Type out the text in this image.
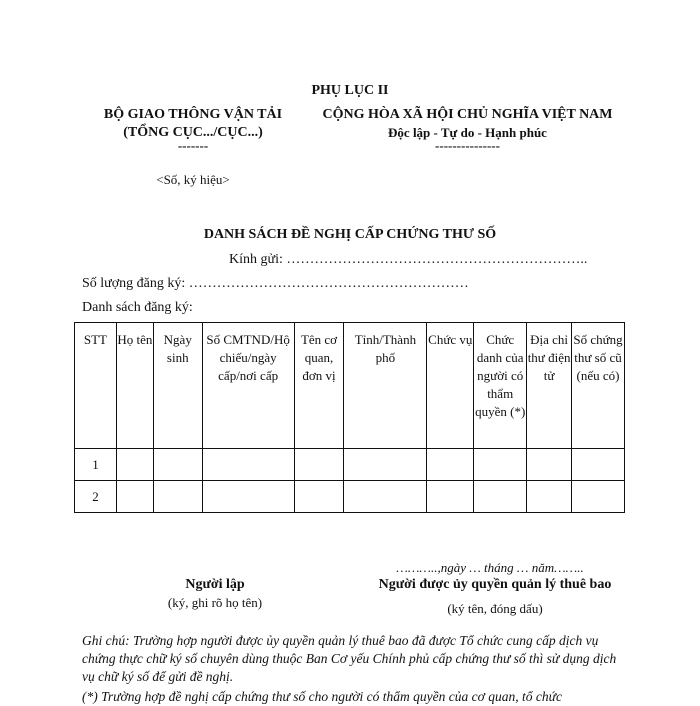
PHỤ LỤC II
BỘ GIAO THÔNG VẬN TẢI
(TỔNG CỤC.../CỤC...)
-------
<Số, ký hiệu>
CỘNG HÒA XÃ HỘI CHỦ NGHĨA VIỆT NAM
Độc lập - Tự do - Hạnh phúc
---------------
DANH SÁCH ĐỀ NGHỊ CẤP CHỨNG THƯ SỐ
Kính gửi: ………………………………………………………..
Số lượng đăng ký: ……………………………………………………
Danh sách đăng ký:
STT	Họ tên	Ngày sinh	Số CMTND/Hộ chiếu/ngày cấp/nơi cấp	Tên cơ quan, đơn vị	Tỉnh/Thành phố	Chức vụ	Chức danh của người có thẩm quyền (*)	Địa chỉ thư điện tử	Số chứng thư số cũ (nếu có)
1									
2									
………..,ngày … tháng … năm……..
Người lập
(ký, ghi rõ họ tên)
Người được ủy quyền quản lý thuê bao
(ký tên, đóng dấu)
Ghi chú: Trường hợp người được ủy quyền quản lý thuê bao đã được Tổ chức cung cấp dịch vụ chứng thực chữ ký số chuyên dùng thuộc Ban Cơ yếu Chính phủ cấp chứng thư số thì sử dụng dịch vụ chữ ký số để gửi đề nghị.
(*) Trường hợp đề nghị cấp chứng thư số cho người có thẩm quyền của cơ quan, tổ chức
